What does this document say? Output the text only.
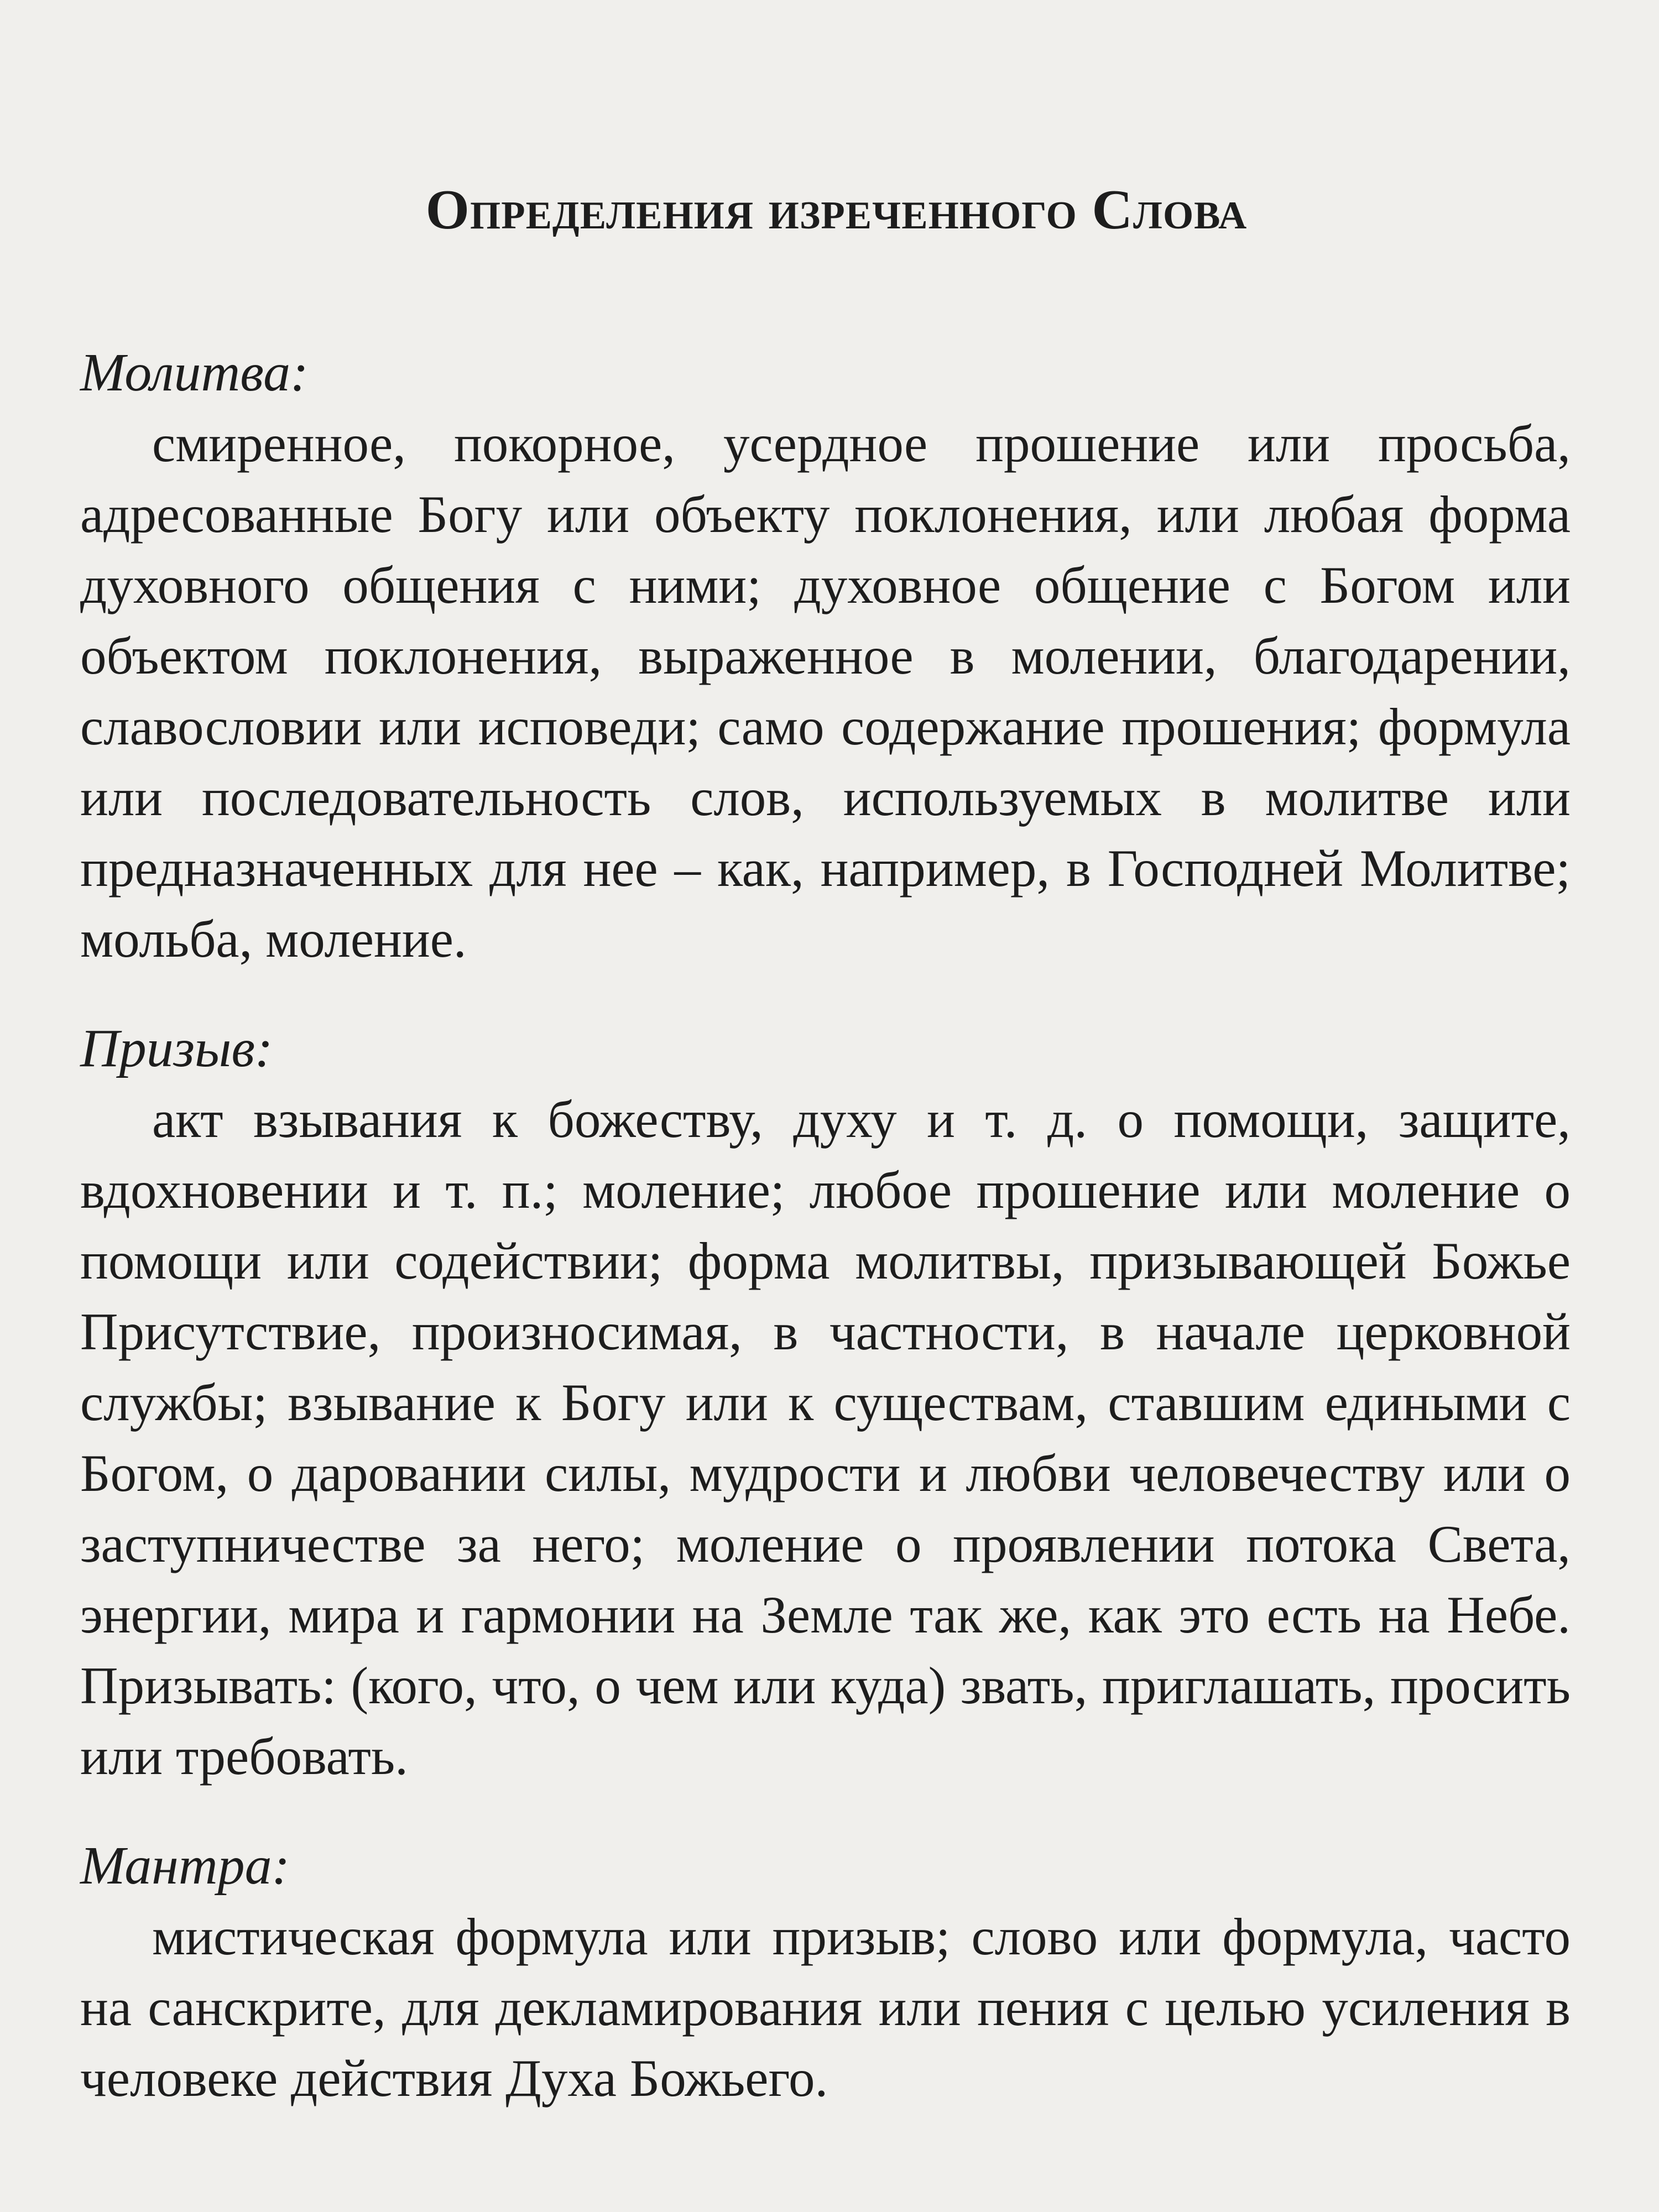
Определения изреченного Слова

Молитва:

смиренное, покорное, усердное прошение или просьба, адресованные Богу или объекту поклонения, или любая форма духовного общения с ними; духовное общение с Богом или объектом поклонения, выраженное в молении, благодарении, славословии или исповеди; само содержание прошения; формула или последовательность слов, используемых в молитве или предназначенных для нее – как, например, в Господней Молитве; мольба, моление.

Призыв:

акт взывания к божеству, духу и т. д. о помощи, защите, вдохновении и т. п.; моление; любое прошение или моление о помощи или содействии; форма молитвы, призывающей Божье Присутствие, произносимая, в частности, в начале церковной службы; взывание к Богу или к существам, ставшим едиными с Богом, о даровании силы, мудрости и любви человечеству или о заступничестве за него; моление о проявлении потока Света, энергии, мира и гармонии на Земле так же, как это есть на Небе. Призывать: (кого, что, о чем или куда) звать, приглашать, просить или требовать.

Мантра:

мистическая формула или призыв; слово или формула, часто на санскрите, для декламирования или пения с целью усиления в человеке действия Духа Божьего.
